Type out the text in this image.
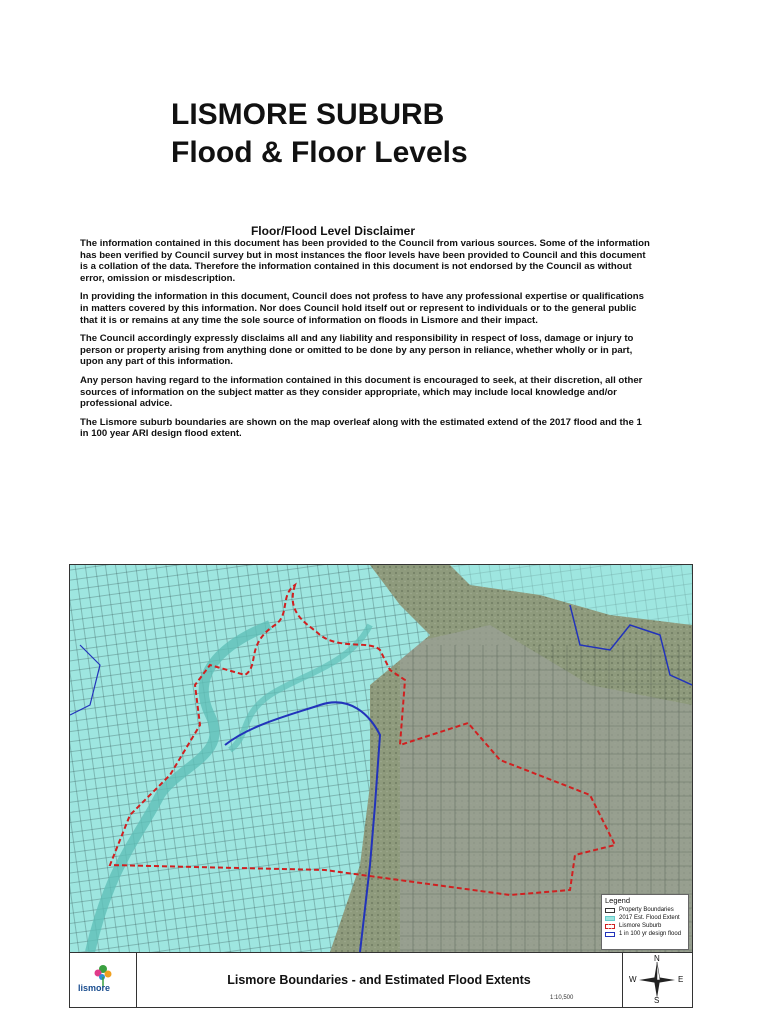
LISMORE SUBURB
Flood & Floor Levels
Floor/Flood Level Disclaimer

The information contained in this document has been provided to the Council from various sources. Some of the information has been verified by Council survey but in most instances the floor levels have been provided to Council and this document is a collation of the data. Therefore the information contained in this document is not endorsed by the Council as without error, omission or misdescription.

In providing the information in this document, Council does not profess to have any professional expertise or qualifications in matters covered by this information. Nor does Council hold itself out or represent to individuals or to the general public that it is or remains at any time the sole source of information on floods in Lismore and their impact.

The Council accordingly expressly disclaims all and any liability and responsibility in respect of loss, damage or injury to person or property arising from anything done or omitted to be done by any person in reliance, whether wholly or in part, upon any part of this information.

Any person having regard to the information contained in this document is encouraged to seek, at their discretion, all other sources of information on the subject matter as they consider appropriate, which may include local knowledge and/or professional advice.

The Lismore suburb boundaries are shown on the map overleaf along with the estimated extend of the 2017 flood and the 1 in 100 year ARI design flood extent.

Legend
Property Boundaries
2017 Est. Flood Extent
Lismore Suburb
1 in 100 yr design flood
lismore
Lismore Boundaries - and Estimated Flood Extents
1:10,500
N
S
W	E
